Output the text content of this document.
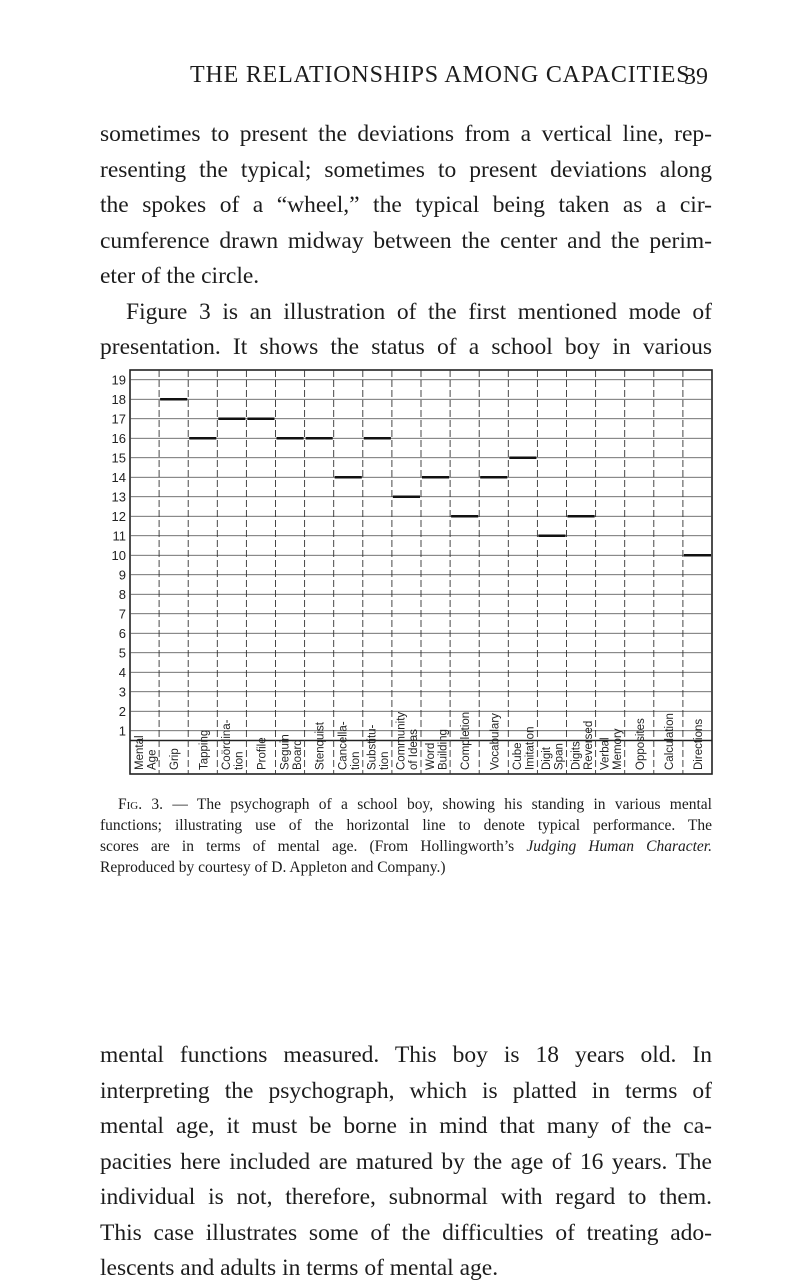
THE RELATIONSHIPS AMONG CAPACITIES
39

sometimes to present the deviations from a vertical line, rep-
resenting the typical; sometimes to present deviations along
the spokes of a “wheel,” the typical being taken as a cir-
cumference drawn midway between the center and the perim-
eter of the circle.
Figure 3 is an illustration of the first mentioned mode of
presentation. It shows the status of a school boy in various

19
18
17
16
15
14
13
12
11
10
9
8
7
6
5
4
3
2
1
Mental Age Grip Tapping Coördina- tion Profile Seguin Board Stenquist Cancella- tion Substitu- tion Community of Ideas Word Building Completion Vocabulary Cube Imitation Digit Span Digits Reversed Verbal Memory Opposites Calculation Directions

Fig. 3. — The psychograph of a school boy, showing his standing in various mental
functions; illustrating use of the horizontal line to denote typical performance. The
scores are in terms of mental age. (From Hollingworth’s Judging Human Character.
Reproduced by courtesy of D. Appleton and Company.)

mental functions measured. This boy is 18 years old. In
interpreting the psychograph, which is platted in terms of
mental age, it must be borne in mind that many of the ca-
pacities here included are matured by the age of 16 years. The
individual is not, therefore, subnormal with regard to them.
This case illustrates some of the difficulties of treating ado-
lescents and adults in terms of mental age.
